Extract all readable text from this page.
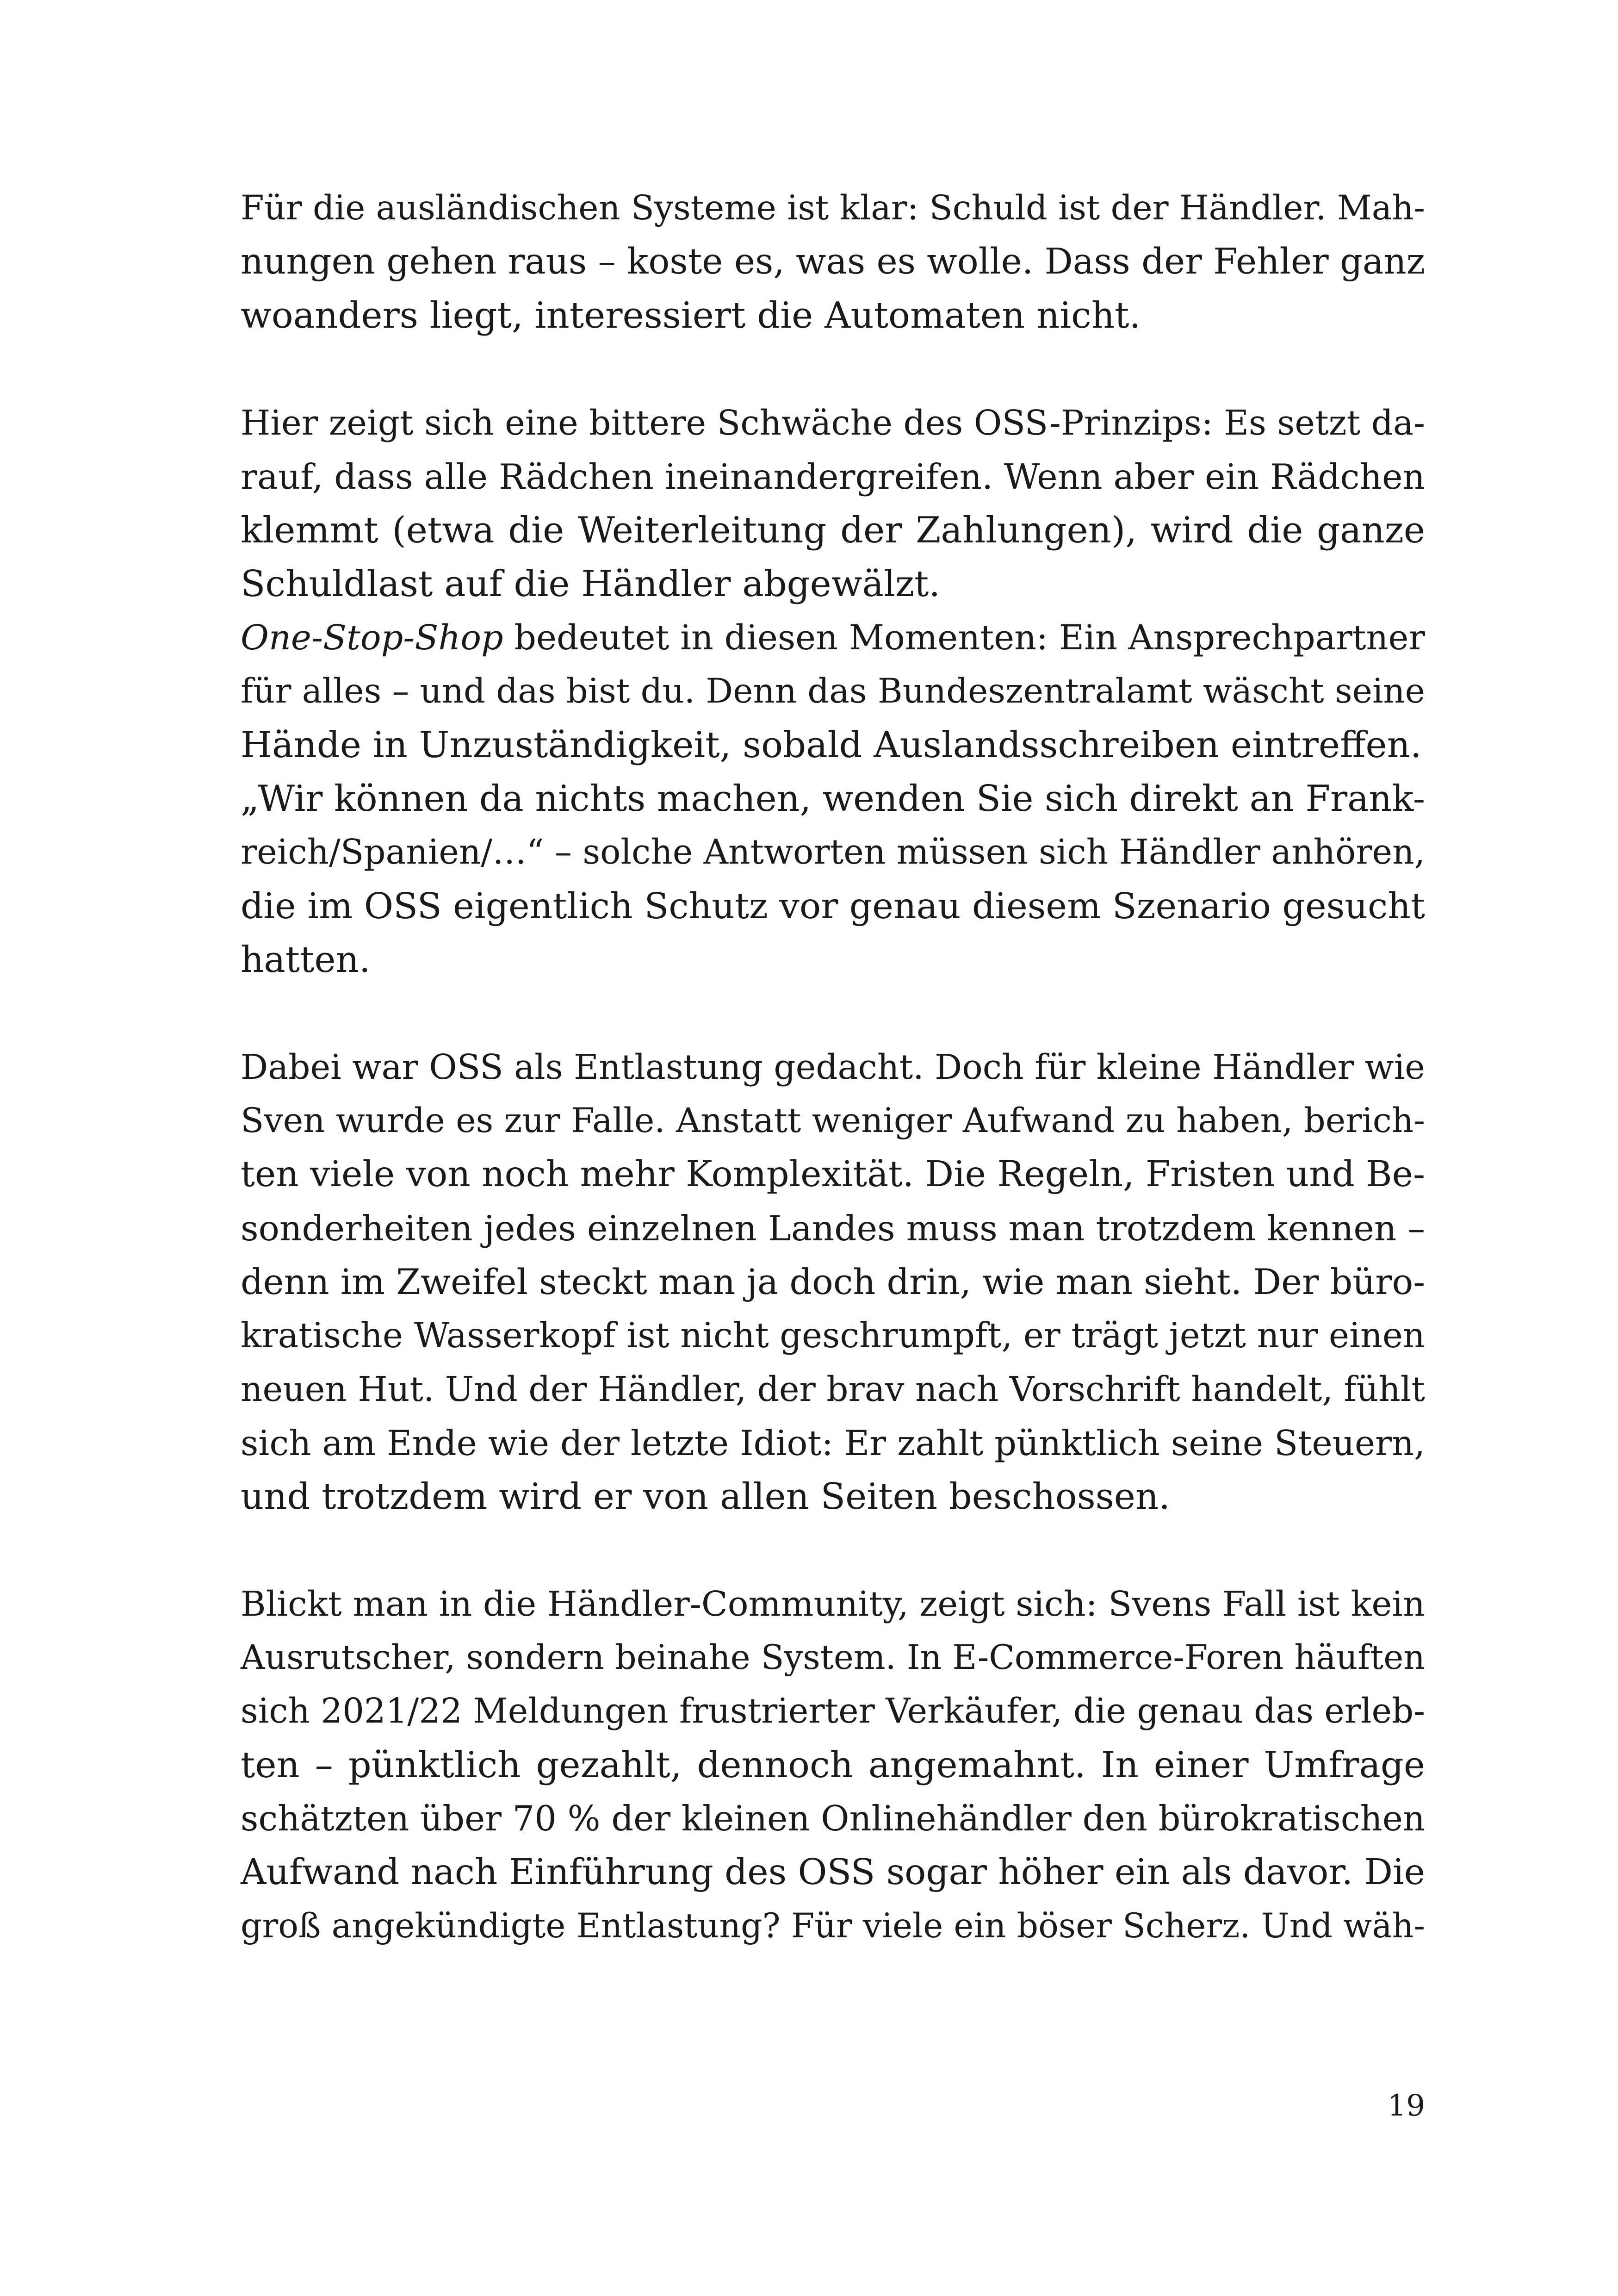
Für die ausländischen Systeme ist klar: Schuld ist der Händler. Mah-
nungen gehen raus – koste es, was es wolle. Dass der Fehler ganz
woanders liegt, interessiert die Automaten nicht.
Hier zeigt sich eine bittere Schwäche des OSS-Prinzips: Es setzt da-
rauf, dass alle Rädchen ineinandergreifen. Wenn aber ein Rädchen
klemmt (etwa die Weiterleitung der Zahlungen), wird die ganze
Schuldlast auf die Händler abgewälzt.
One-Stop-Shop bedeutet in diesen Momenten: Ein Ansprechpartner
für alles – und das bist du. Denn das Bundeszentralamt wäscht seine
Hände in Unzuständigkeit, sobald Auslandsschreiben eintreffen.
„Wir können da nichts machen, wenden Sie sich direkt an Frank-
reich/Spanien/…“ – solche Antworten müssen sich Händler anhören,
die im OSS eigentlich Schutz vor genau diesem Szenario gesucht
hatten.
Dabei war OSS als Entlastung gedacht. Doch für kleine Händler wie
Sven wurde es zur Falle. Anstatt weniger Aufwand zu haben, berich-
ten viele von noch mehr Komplexität. Die Regeln, Fristen und Be-
sonderheiten jedes einzelnen Landes muss man trotzdem kennen –
denn im Zweifel steckt man ja doch drin, wie man sieht. Der büro-
kratische Wasserkopf ist nicht geschrumpft, er trägt jetzt nur einen
neuen Hut. Und der Händler, der brav nach Vorschrift handelt, fühlt
sich am Ende wie der letzte Idiot: Er zahlt pünktlich seine Steuern,
und trotzdem wird er von allen Seiten beschossen.
Blickt man in die Händler-Community, zeigt sich: Svens Fall ist kein
Ausrutscher, sondern beinahe System. In E-Commerce-Foren häuften
sich 2021/22 Meldungen frustrierter Verkäufer, die genau das erleb-
ten – pünktlich gezahlt, dennoch angemahnt. In einer Umfrage
schätzten über 70 % der kleinen Onlinehändler den bürokratischen
Aufwand nach Einführung des OSS sogar höher ein als davor. Die
groß angekündigte Entlastung? Für viele ein böser Scherz. Und wäh-
19
